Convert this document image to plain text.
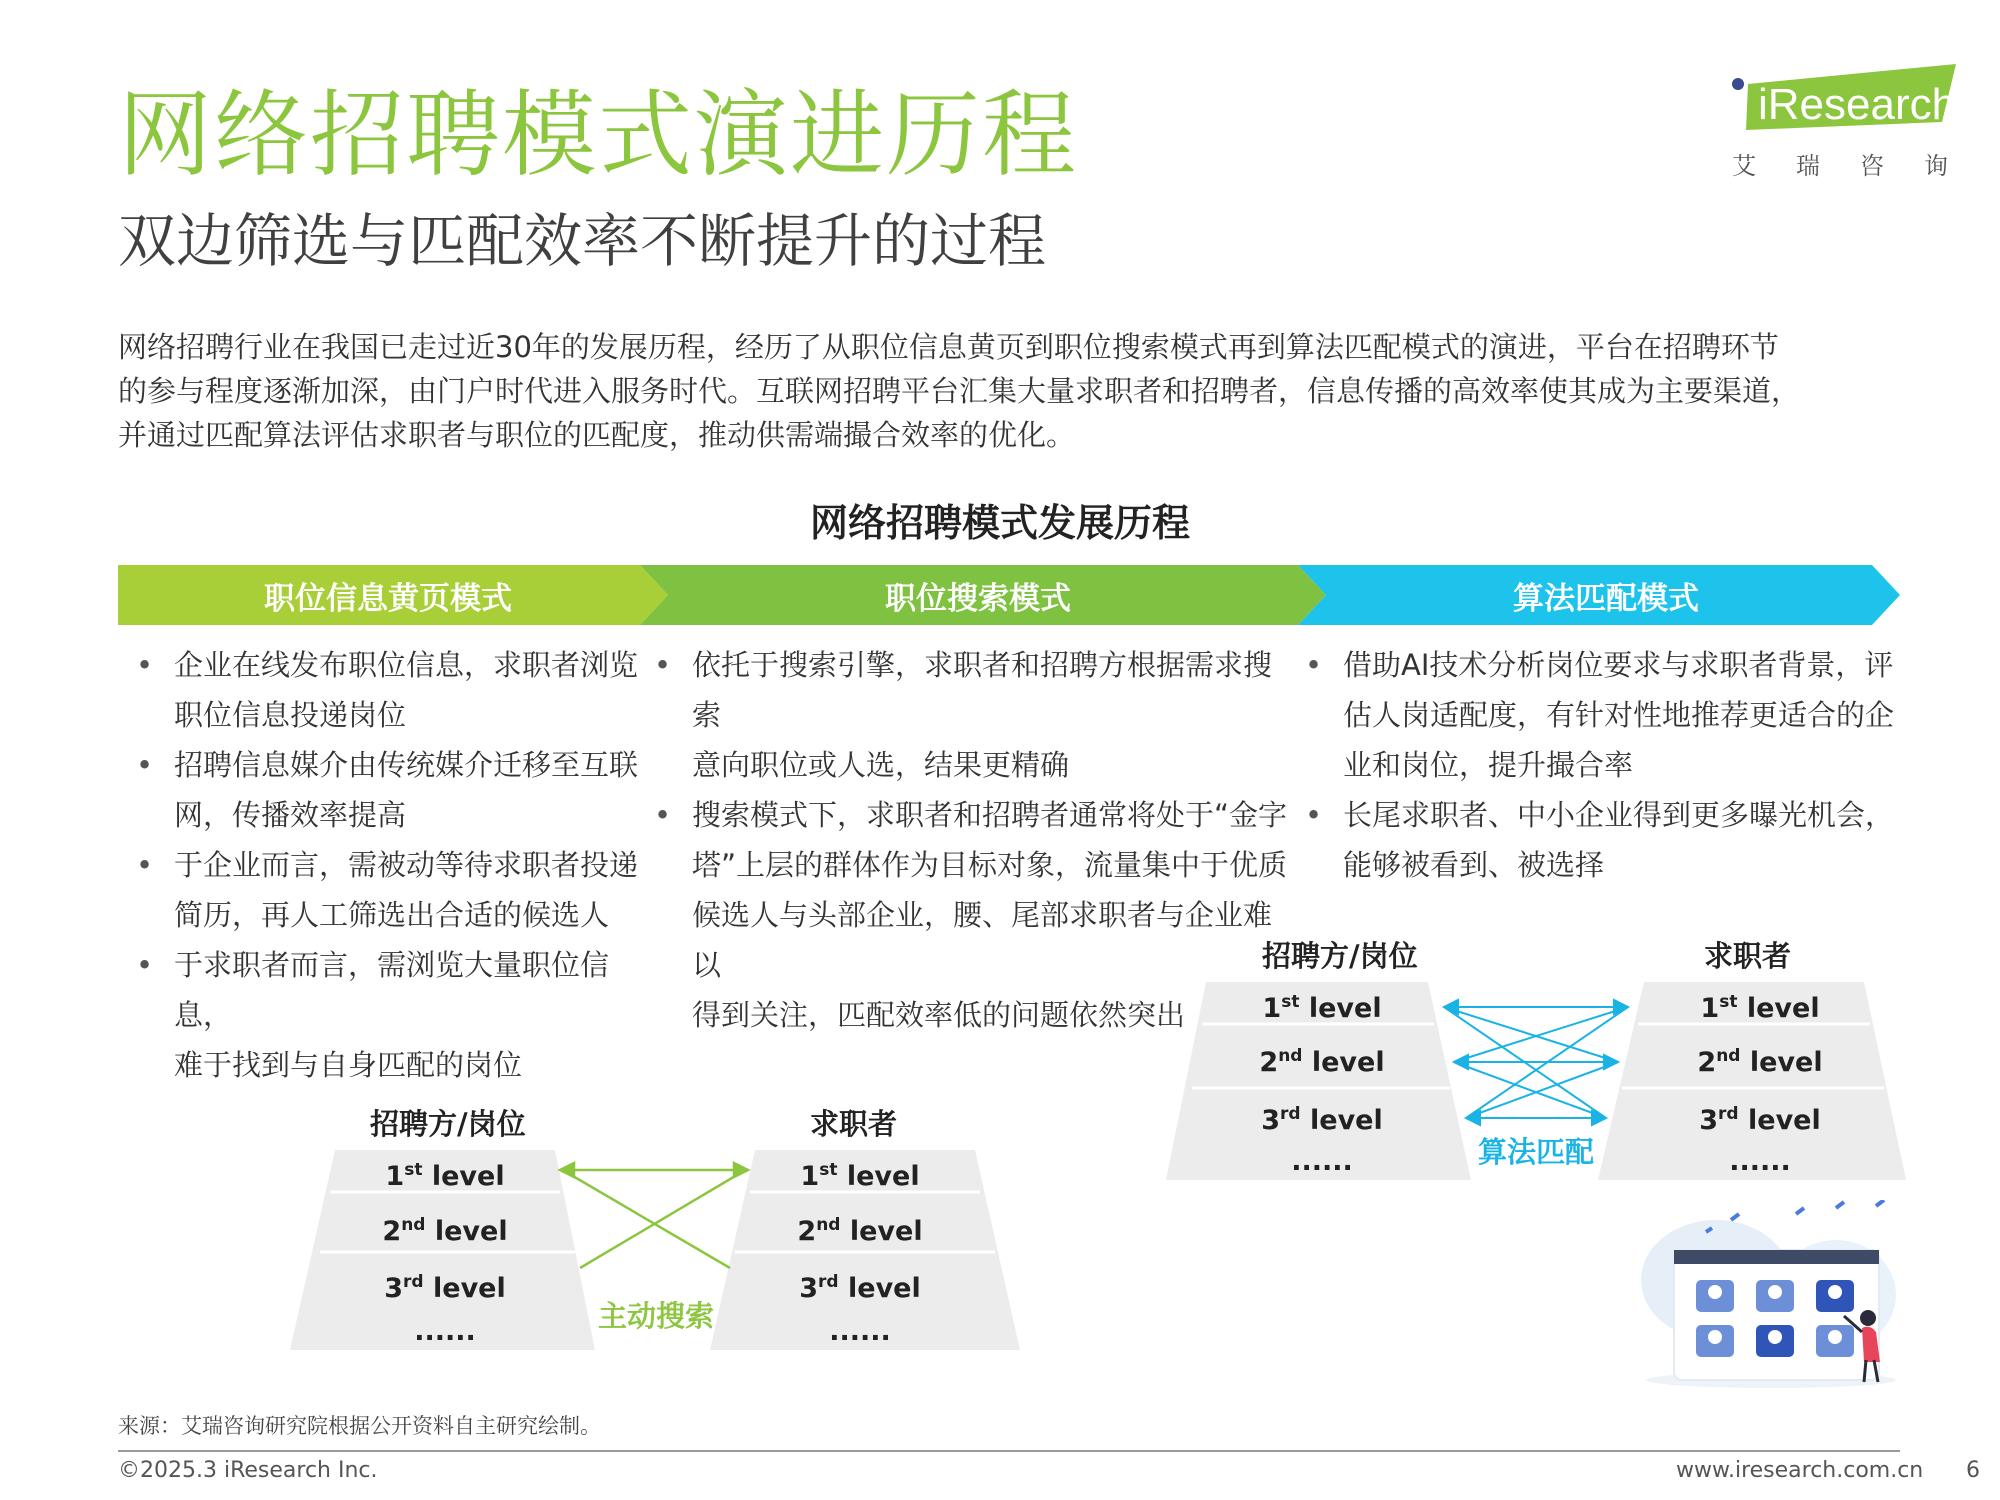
网络招聘模式演进历程
双边筛选与匹配效率不断提升的过程
iResearch
艾瑞咨询

网络招聘行业在我国已走过近30年的发展历程，经历了从职位信息黄页到职位搜索模式再到算法匹配模式的演进，平台在招聘环节

的参与程度逐渐加深，由门户时代进入服务时代。互联网招聘平台汇集大量求职者和招聘者，信息传播的高效率使其成为主要渠道，

并通过匹配算法评估求职者与职位的匹配度，推动供需端撮合效率的优化。

网络招聘模式发展历程
职位信息黄页模式	职位搜索模式	算法匹配模式
• 企业在线发布职位信息，求职者浏览
职位信息投递岗位
• 招聘信息媒介由传统媒介迁移至互联
网，传播效率提高
• 于企业而言，需被动等待求职者投递
简历，再人工筛选出合适的候选人
• 于求职者而言，需浏览大量职位信息，
难于找到与自身匹配的岗位
• 依托于搜索引擎，求职者和招聘方根据需求搜索
意向职位或人选，结果更精确
• 搜索模式下，求职者和招聘者通常将处于“金字
塔”上层的群体作为目标对象，流量集中于优质
候选人与头部企业，腰、尾部求职者与企业难以
得到关注，匹配效率低的问题依然突出
• 借助AI技术分析岗位要求与求职者背景，评
估人岗适配度，有针对性地推荐更适合的企
业和岗位，提升撮合率
• 长尾求职者、中小企业得到更多曝光机会，
能够被看到、被选择
招聘方/岗位	求职者
1st level
2nd level
3rd level
......
1st level
2nd level
3rd level
......
主动搜索
招聘方/岗位	求职者
1st level
2nd level
3rd level
......
1st level
2nd level
3rd level
......
算法匹配
来源：艾瑞咨询研究院根据公开资料自主研究绘制。
©2025.3 iResearch Inc.	www.iresearch.com.cn 6
